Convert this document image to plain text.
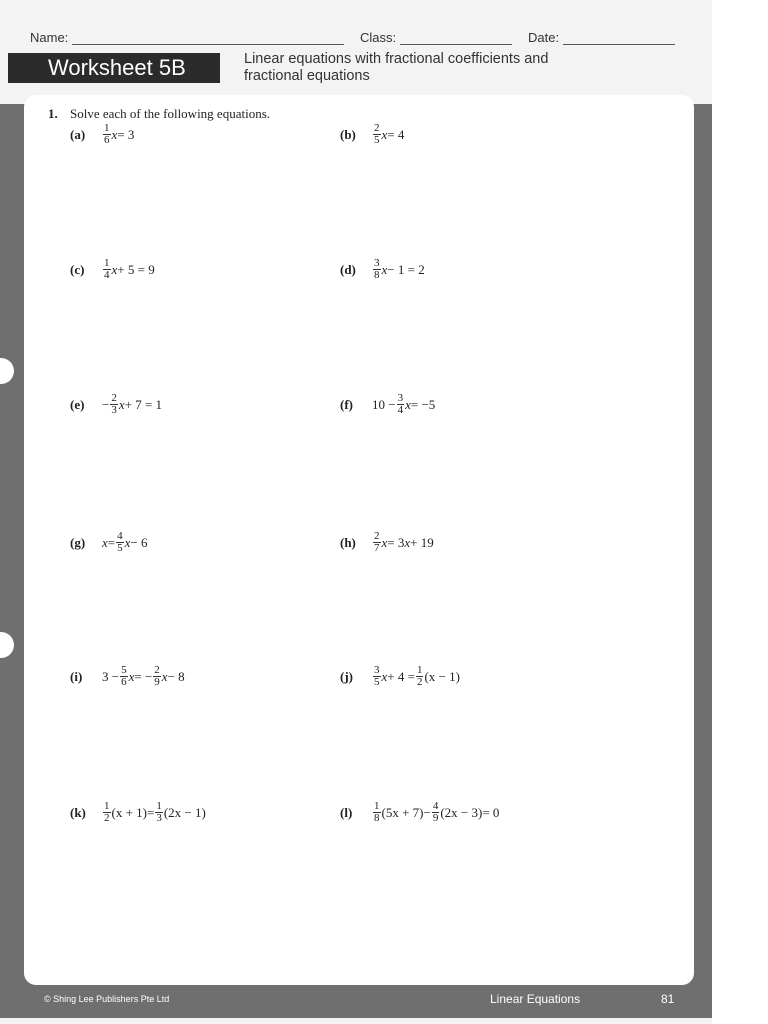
Name:	Class:	Date:
Worksheet 5B	Linear equations with fractional coefficients and fractional equations
1. Solve each of the following equations.
(a)	$\frac{1}{6}$ x = 3	(b)	$\frac{2}{5}$ x = 4
(c)	$\frac{1}{4}$ x + 5 = 9	(d)	$\frac{3}{8}$ x − 1 = 2
(e)	− $\frac{2}{3}$ x + 7 = 1	(f)	$10 - \frac{3}{4}$ x = −5
(g)	$x = \frac{4}{5}$ x − 6	(h)	$\frac{2}{7}$ x = 3 x + 19
(i)	$3 - \frac{5}{6}$ x = − $\frac{2}{9}$ x − 8	(j)	$\frac{3}{5}$ $x + 4 = \frac{1}{2} (x - 1)$
(k)	$\frac{1}{2} (x + 1) = \frac{1}{3} (2x - 1)$	(l)	$\frac{1}{8} (5x + 7) - \frac{4}{9} (2x - 3) = 0$
© Shing Lee Publishers Pte Ltd	Linear Equations	81
